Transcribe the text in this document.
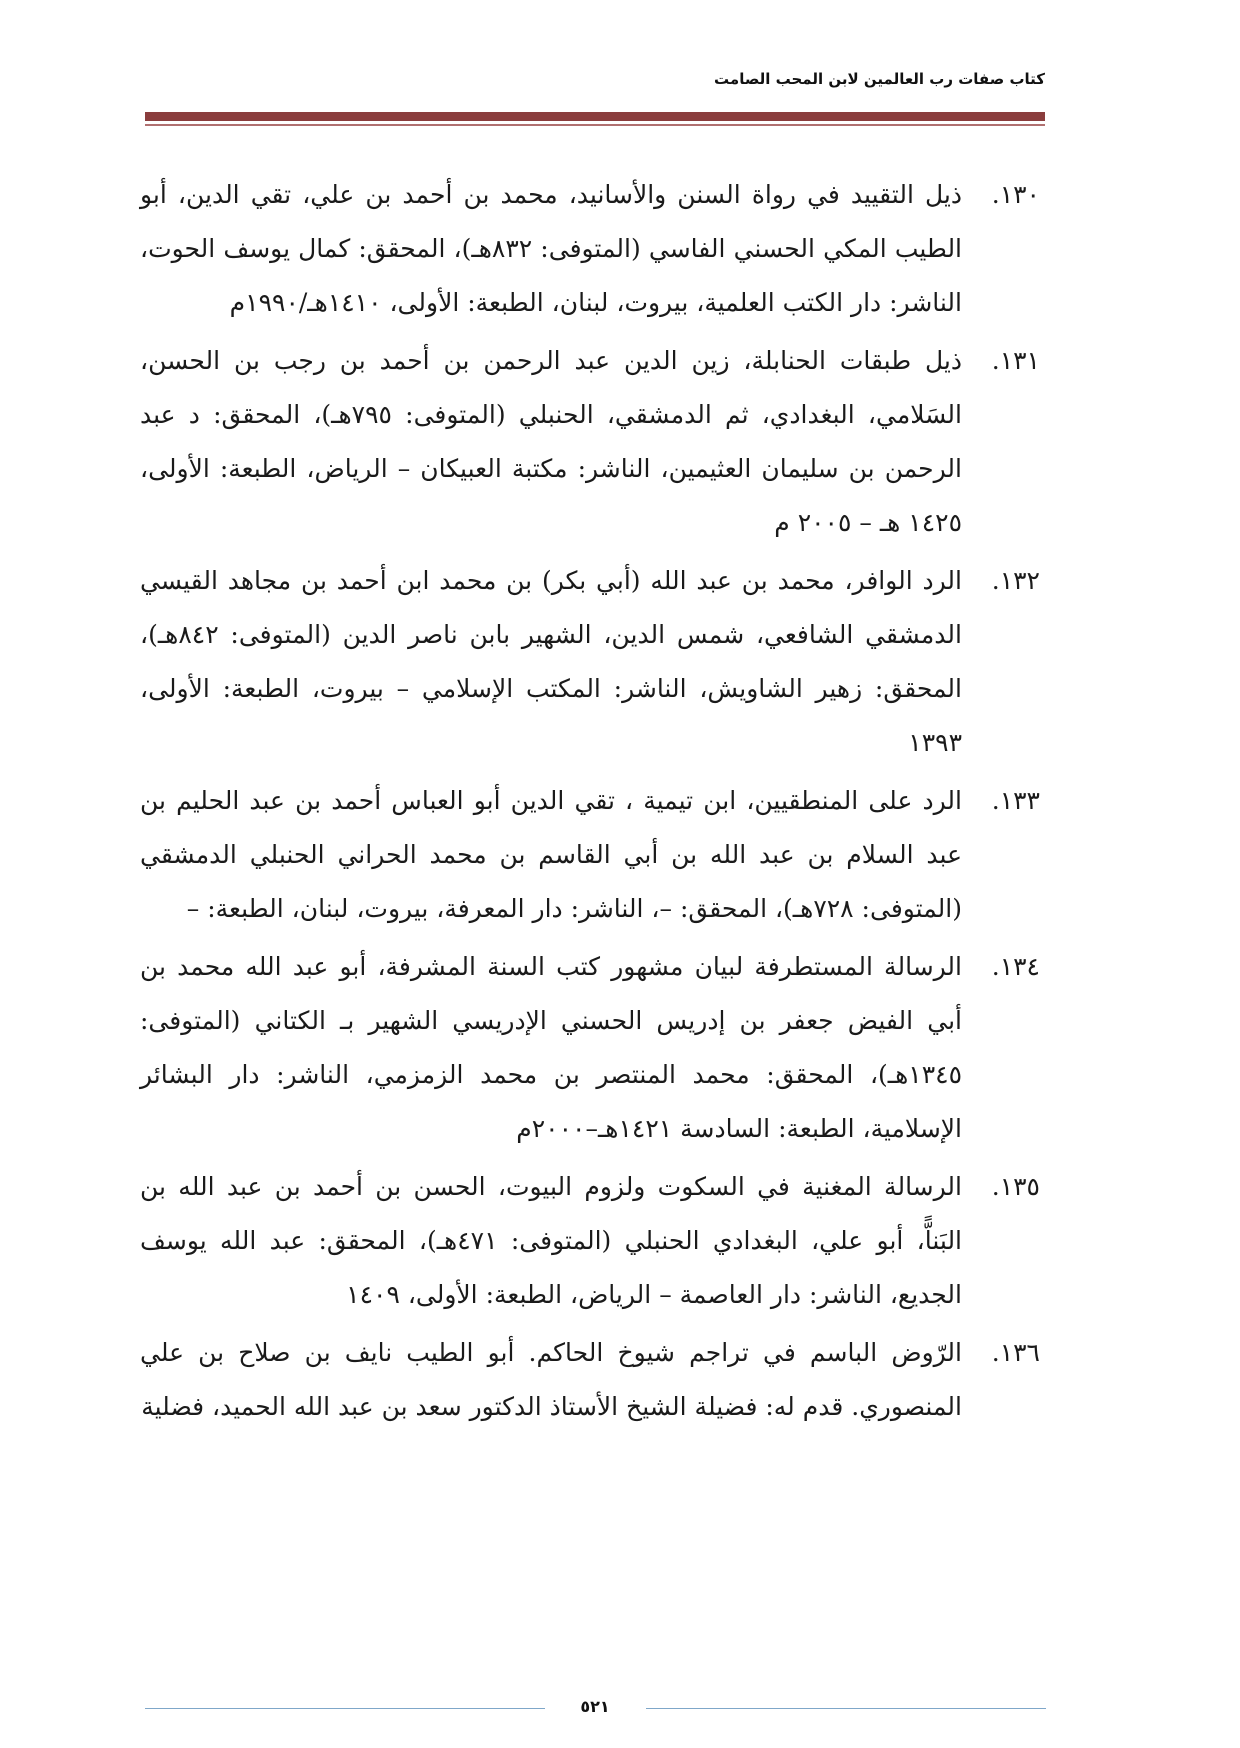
كتاب صفات رب العالمين لابن المحب الصامت

١٣٠.
ذيل التقييد في رواة السنن والأسانيد، محمد بن أحمد بن علي، تقي الدين، أبو الطيب المكي الحسني الفاسي (المتوفى: ٨٣٢هـ)، المحقق: كمال يوسف الحوت، الناشر: دار الكتب العلمية، بيروت، لبنان، الطبعة: الأولى، ١٤١٠هـ/١٩٩٠م

١٣١.
ذيل طبقات الحنابلة، زين الدين عبد الرحمن بن أحمد بن رجب بن الحسن، السَلامي، البغدادي، ثم الدمشقي، الحنبلي (المتوفى: ٧٩٥هـ)، المحقق: د عبد الرحمن بن سليمان العثيمين، الناشر: مكتبة العبيكان – الرياض، الطبعة: الأولى، ١٤٢٥ هـ – ٢٠٠٥ م

١٣٢.
الرد الوافر، محمد بن عبد الله (أبي بكر) بن محمد ابن أحمد بن مجاهد القيسي الدمشقي الشافعي، شمس الدين، الشهير بابن ناصر الدين (المتوفى: ٨٤٢هـ)، المحقق: زهير الشاويش، الناشر: المكتب الإسلامي – بيروت، الطبعة: الأولى، ١٣٩٣

١٣٣.
الرد على المنطقيين، ابن تيمية ، تقي الدين أبو العباس أحمد بن عبد الحليم بن عبد السلام بن عبد الله بن أبي القاسم بن محمد الحراني الحنبلي الدمشقي (المتوفى: ٧٢٨هـ)، المحقق: –، الناشر: دار المعرفة، بيروت، لبنان، الطبعة: –

١٣٤.
الرسالة المستطرفة لبيان مشهور كتب السنة المشرفة، أبو عبد الله محمد بن أبي الفيض جعفر بن إدريس الحسني الإدريسي الشهير بـ الكتاني (المتوفى: ١٣٤٥هـ)، المحقق: محمد المنتصر بن محمد الزمزمي، الناشر: دار البشائر الإسلامية، الطبعة: السادسة ١٤٢١هـ–٢٠٠٠م

١٣٥.
الرسالة المغنية في السكوت ولزوم البيوت، الحسن بن أحمد بن عبد الله بن البَناًّ، أبو علي، البغدادي الحنبلي (المتوفى: ٤٧١هـ)، المحقق: عبد الله يوسف الجديع، الناشر: دار العاصمة – الرياض، الطبعة: الأولى، ١٤٠٩

١٣٦.
الرّوض الباسم في تراجم شيوخ الحاكم. أبو الطيب نايف بن صلاح بن علي المنصوري. قدم له: فضيلة الشيخ الأستاذ الدكتور سعد بن عبد الله الحميد، فضلية

٥٢١
